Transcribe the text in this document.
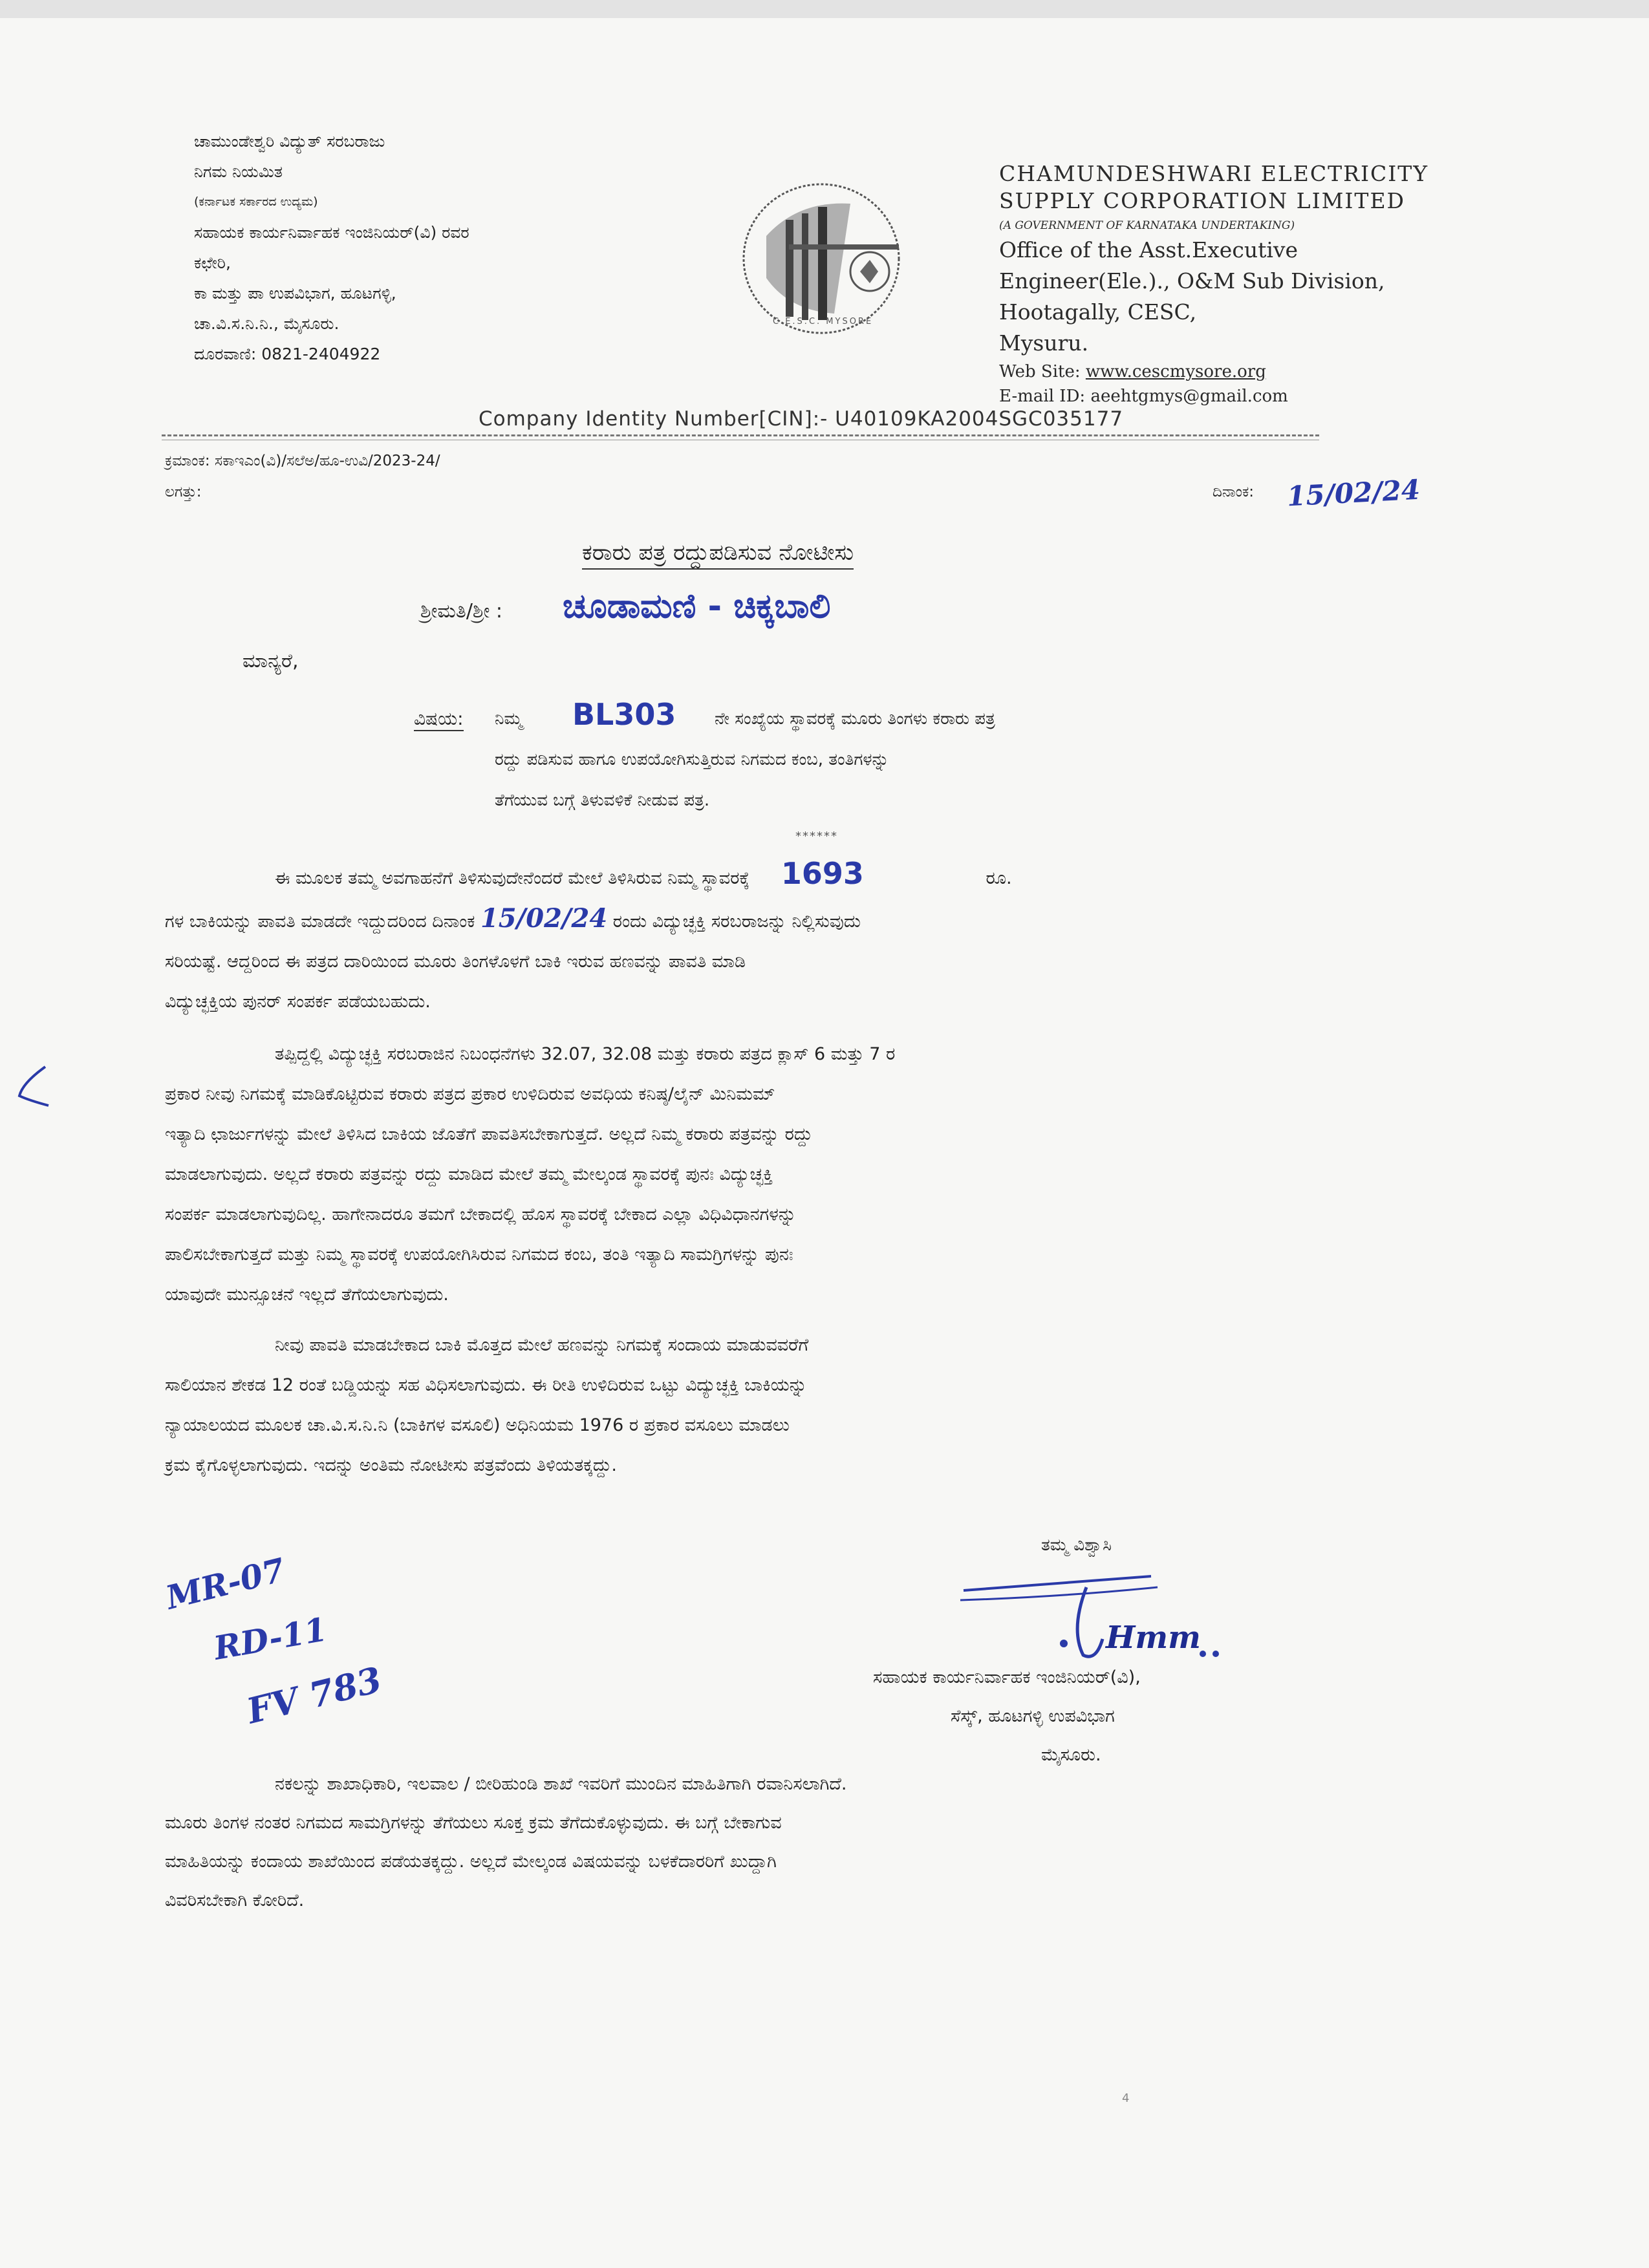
ಚಾಮುಂಡೇಶ್ವರಿ ವಿದ್ಯುತ್ ಸರಬರಾಜು
ನಿಗಮ ನಿಯಮಿತ
(ಕರ್ನಾಟಕ ಸರ್ಕಾರದ ಉದ್ಯಮ)
ಸಹಾಯಕ ಕಾರ್ಯನಿರ್ವಾಹಕ ಇಂಜಿನಿಯರ್(ವಿ) ರವರ
ಕಛೇರಿ,
ಕಾ ಮತ್ತು ಪಾ ಉಪವಿಭಾಗ, ಹೂಟಗಳ್ಳಿ,
ಚಾ.ವಿ.ಸ.ನಿ.ನಿ., ಮೈಸೂರು.
ದೂರವಾಣಿ: 0821-2404922
C.E.S.C. MYSORE
CHAMUNDESHWARI ELECTRICITY
SUPPLY CORPORATION LIMITED
(A GOVERNMENT OF KARNATAKA UNDERTAKING)
Office of the Asst.Executive
Engineer(Ele.)., O&M Sub Division,
Hootagally, CESC,
Mysuru.
Web Site: www.cescmysore.org
E-mail ID: aeehtgmys@gmail.com
Company Identity Number[CIN]:- U40109KA2004SGC035177
ಕ್ರಮಾಂಕ: ಸಕಾಇಎಂ(ವಿ)/ಸಲೆಅ/ಹೂ-ಉವಿ/2023-24/
ಲಗತ್ತು:	ದಿನಾಂಕ: 15/02/24
ಕರಾರು ಪತ್ರ ರದ್ದುಪಡಿಸುವ ನೋಟೀಸು
ಶ್ರೀಮತಿ/ಶ್ರೀ : ಚೂಡಾಮಣಿ - ಚಿಕ್ಕಬಾಲಿ
ಮಾನ್ಯರೆ,
ವಿಷಯ: ನಿಮ್ಮ BL303 ನೇ ಸಂಖ್ಯೆಯ ಸ್ಥಾವರಕ್ಕೆ ಮೂರು ತಿಂಗಳು ಕರಾರು ಪತ್ರ
ರದ್ದು ಪಡಿಸುವ ಹಾಗೂ ಉಪಯೋಗಿಸುತ್ತಿರುವ ನಿಗಮದ ಕಂಬ, ತಂತಿಗಳನ್ನು
ತೆಗೆಯುವ ಬಗ್ಗೆ ತಿಳುವಳಿಕೆ ನೀಡುವ ಪತ್ರ.
******
ಈ ಮೂಲಕ ತಮ್ಮ ಅವಗಾಹನೆಗೆ ತಿಳಿಸುವುದೇನೆಂದರೆ ಮೇಲೆ ತಿಳಿಸಿರುವ ನಿಮ್ಮ ಸ್ಥಾವರಕ್ಕೆ 1693	ರೂ.
ಗಳ ಬಾಕಿಯನ್ನು ಪಾವತಿ ಮಾಡದೇ ಇದ್ದುದರಿಂದ ದಿನಾಂಕ 15/02/24 ರಂದು ವಿದ್ಯುಚ್ಛಕ್ತಿ ಸರಬರಾಜನ್ನು ನಿಲ್ಲಿಸುವುದು
ಸರಿಯಷ್ಟೆ. ಆದ್ದರಿಂದ ಈ ಪತ್ರದ ದಾರಿಯಿಂದ ಮೂರು ತಿಂಗಳೊಳಗೆ ಬಾಕಿ ಇರುವ ಹಣವನ್ನು ಪಾವತಿ ಮಾಡಿ
ವಿದ್ಯುಚ್ಛಕ್ತಿಯ ಪುನರ್ ಸಂಪರ್ಕ ಪಡೆಯಬಹುದು.
ತಪ್ಪಿದ್ದಲ್ಲಿ ವಿದ್ಯುಚ್ಛಕ್ತಿ ಸರಬರಾಜಿನ ನಿಬಂಧನೆಗಳು 32.07, 32.08 ಮತ್ತು ಕರಾರು ಪತ್ರದ ಕ್ಲಾಸ್ 6 ಮತ್ತು 7 ರ
ಪ್ರಕಾರ ನೀವು ನಿಗಮಕ್ಕೆ ಮಾಡಿಕೊಟ್ಟಿರುವ ಕರಾರು ಪತ್ರದ ಪ್ರಕಾರ ಉಳಿದಿರುವ ಅವಧಿಯ ಕನಿಷ್ಠ/ಲೈನ್ ಮಿನಿಮಮ್
ಇತ್ಯಾದಿ ಛಾರ್ಜುಗಳನ್ನು ಮೇಲೆ ತಿಳಿಸಿದ ಬಾಕಿಯ ಜೊತೆಗೆ ಪಾವತಿಸಬೇಕಾಗುತ್ತದೆ. ಅಲ್ಲದೆ ನಿಮ್ಮ ಕರಾರು ಪತ್ರವನ್ನು ರದ್ದು
ಮಾಡಲಾಗುವುದು. ಅಲ್ಲದೆ ಕರಾರು ಪತ್ರವನ್ನು ರದ್ದು ಮಾಡಿದ ಮೇಲೆ ತಮ್ಮ ಮೇಲ್ಕಂಡ ಸ್ಥಾವರಕ್ಕೆ ಪುನಃ ವಿದ್ಯುಚ್ಛಕ್ತಿ
ಸಂಪರ್ಕ ಮಾಡಲಾಗುವುದಿಲ್ಲ. ಹಾಗೇನಾದರೂ ತಮಗೆ ಬೇಕಾದಲ್ಲಿ ಹೊಸ ಸ್ಥಾವರಕ್ಕೆ ಬೇಕಾದ ಎಲ್ಲಾ ವಿಧಿವಿಧಾನಗಳನ್ನು
ಪಾಲಿಸಬೇಕಾಗುತ್ತದೆ ಮತ್ತು ನಿಮ್ಮ ಸ್ಥಾವರಕ್ಕೆ ಉಪಯೋಗಿಸಿರುವ ನಿಗಮದ ಕಂಬ, ತಂತಿ ಇತ್ಯಾದಿ ಸಾಮಗ್ರಿಗಳನ್ನು ಪುನಃ
ಯಾವುದೇ ಮುನ್ಸೂಚನೆ ಇಲ್ಲದೆ ತೆಗೆಯಲಾಗುವುದು.
ನೀವು ಪಾವತಿ ಮಾಡಬೇಕಾದ ಬಾಕಿ ಮೊತ್ತದ ಮೇಲೆ ಹಣವನ್ನು ನಿಗಮಕ್ಕೆ ಸಂದಾಯ ಮಾಡುವವರೆಗೆ
ಸಾಲಿಯಾನ ಶೇಕಡ 12 ರಂತೆ ಬಡ್ಡಿಯನ್ನು ಸಹ ವಿಧಿಸಲಾಗುವುದು. ಈ ರೀತಿ ಉಳಿದಿರುವ ಒಟ್ಟು ವಿದ್ಯುಚ್ಛಕ್ತಿ ಬಾಕಿಯನ್ನು
ನ್ಯಾಯಾಲಯದ ಮೂಲಕ ಚಾ.ವಿ.ಸ.ನಿ.ನಿ (ಬಾಕಿಗಳ ವಸೂಲಿ) ಅಧಿನಿಯಮ 1976 ರ ಪ್ರಕಾರ ವಸೂಲು ಮಾಡಲು
ಕ್ರಮ ಕೈಗೊಳ್ಳಲಾಗುವುದು. ಇದನ್ನು ಅಂತಿಮ ನೋಟೀಸು ಪತ್ರವೆಂದು ತಿಳಿಯತಕ್ಕದ್ದು.
ತಮ್ಮ ವಿಶ್ವಾಸಿ
MR-07
RD-11
FV 783
Hmm
ಸಹಾಯಕ ಕಾರ್ಯನಿರ್ವಾಹಕ ಇಂಜಿನಿಯರ್(ವಿ),
ಸೆಸ್ಕ್, ಹೂಟಗಳ್ಳಿ ಉಪವಿಭಾಗ
ಮೈಸೂರು.
ನಕಲನ್ನು ಶಾಖಾಧಿಕಾರಿ, ಇಲವಾಲ / ಬೀರಿಹುಂಡಿ ಶಾಖೆ ಇವರಿಗೆ ಮುಂದಿನ ಮಾಹಿತಿಗಾಗಿ ರವಾನಿಸಲಾಗಿದೆ.
ಮೂರು ತಿಂಗಳ ನಂತರ ನಿಗಮದ ಸಾಮಗ್ರಿಗಳನ್ನು ತೆಗೆಯಲು ಸೂಕ್ತ ಕ್ರಮ ತೆಗೆದುಕೊಳ್ಳುವುದು. ಈ ಬಗ್ಗೆ ಬೇಕಾಗುವ
ಮಾಹಿತಿಯನ್ನು ಕಂದಾಯ ಶಾಖೆಯಿಂದ ಪಡೆಯತಕ್ಕದ್ದು. ಅಲ್ಲದೆ ಮೇಲ್ಕಂಡ ವಿಷಯವನ್ನು ಬಳಕೆದಾರರಿಗೆ ಖುದ್ದಾಗಿ
ವಿವರಿಸಬೇಕಾಗಿ ಕೋರಿದೆ.
4
